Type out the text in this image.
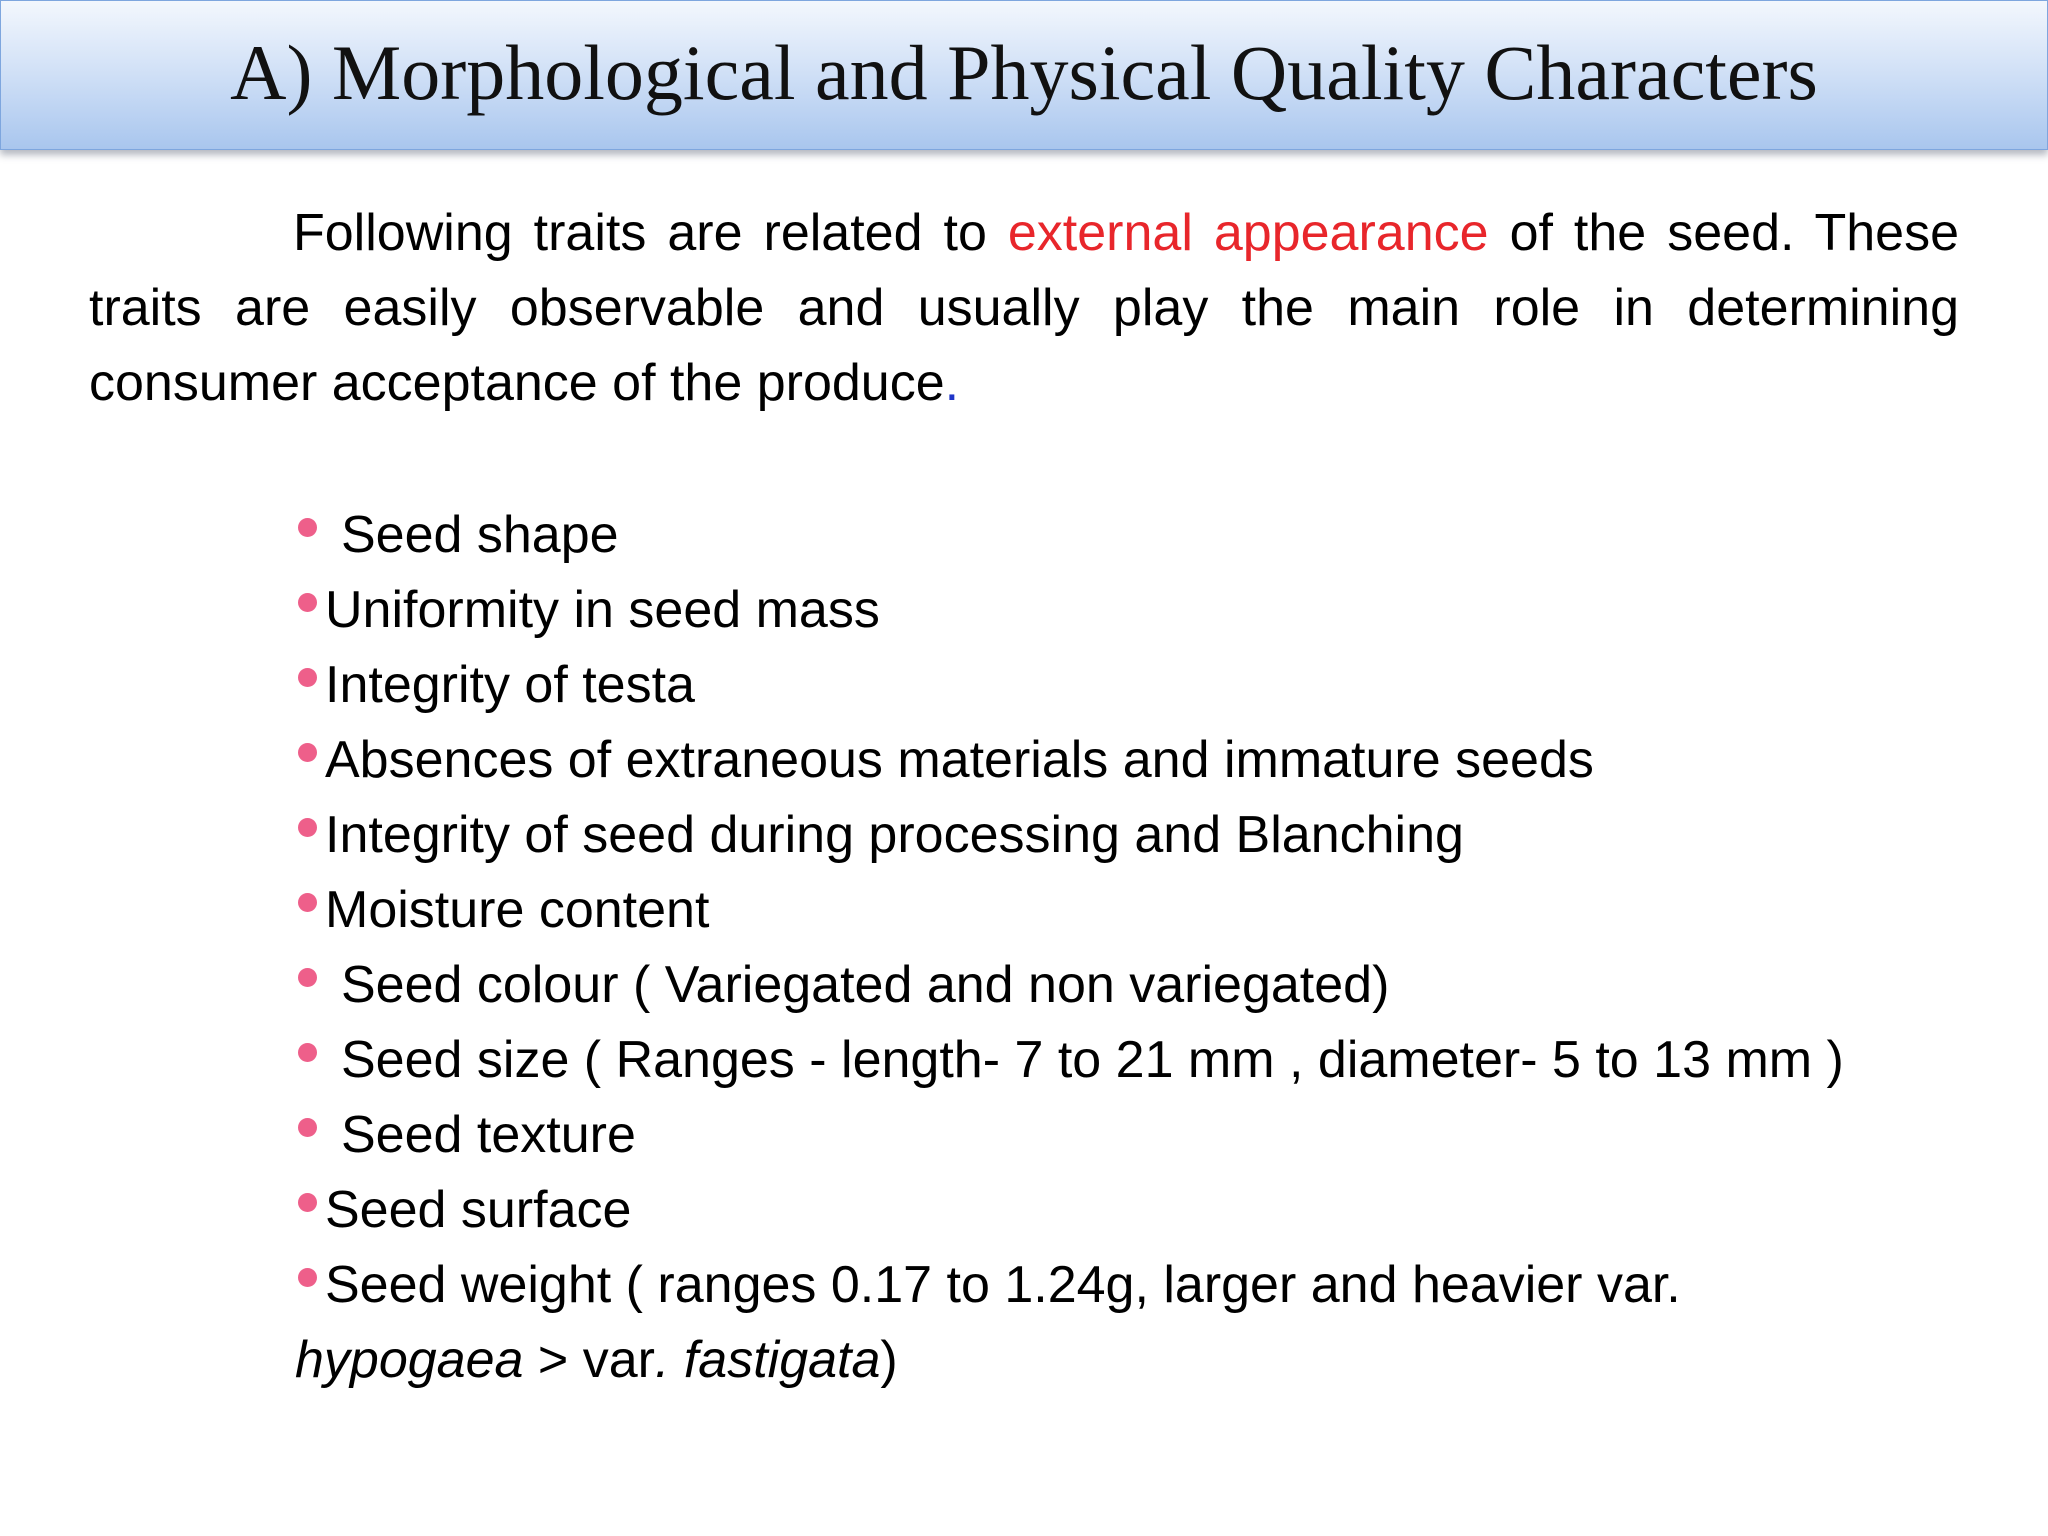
A) Morphological and Physical Quality Characters

Following traits are related to external appearance of the seed. These traits are easily observable and usually play the main role in determining consumer acceptance of the produce.

Seed shape
Uniformity in seed mass
Integrity of testa
Absences of extraneous materials and immature seeds
Integrity of seed during processing and Blanching
Moisture content
Seed colour ( Variegated and non variegated)
Seed size ( Ranges - length- 7 to 21 mm , diameter- 5 to 13 mm )
Seed texture
Seed surface
Seed weight ( ranges 0.17 to 1.24g, larger and heavier var. hypogaea > var. fastigata)
